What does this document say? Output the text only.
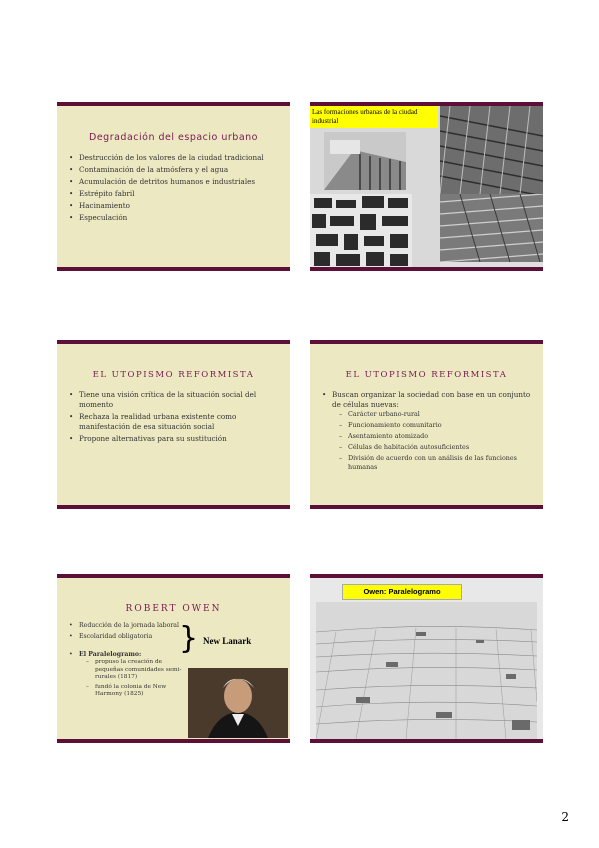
Degradación del espacio urbano
• Destrucción de los valores de la ciudad tradicional
• Contaminación de la atmósfera y el agua
• Acumulación de detritos humanos e industriales
• Estrépito fabril
• Hacinamiento
• Especulación
Las formaciones urbanas de la ciudad industrial
EL UTOPISMO REFORMISTA
• Tiene una visión crítica de la situación social del momento
• Rechaza la realidad urbana existente como manifestación de esa situación social
• Propone alternativas para su sustitución
EL UTOPISMO REFORMISTA
• Buscan organizar la sociedad con base en un conjunto de células nuevas:
– Carácter urbano-rural
– Funcionamiento comunitario
– Asentamiento atomizado
– Células de habitación autosuficientes
– División de acuerdo con un análisis de las funciones humanas
ROBERT OWEN
• Reducción de la jornada laboral
• Escolaridad obligatoria } New Lanark
• El Paralelogramo:
– propuso la creación de pequeñas comunidades semi-rurales (1817)
– fundó la colonia de New Harmony (1825)
Owen: Paralelogramo
2
